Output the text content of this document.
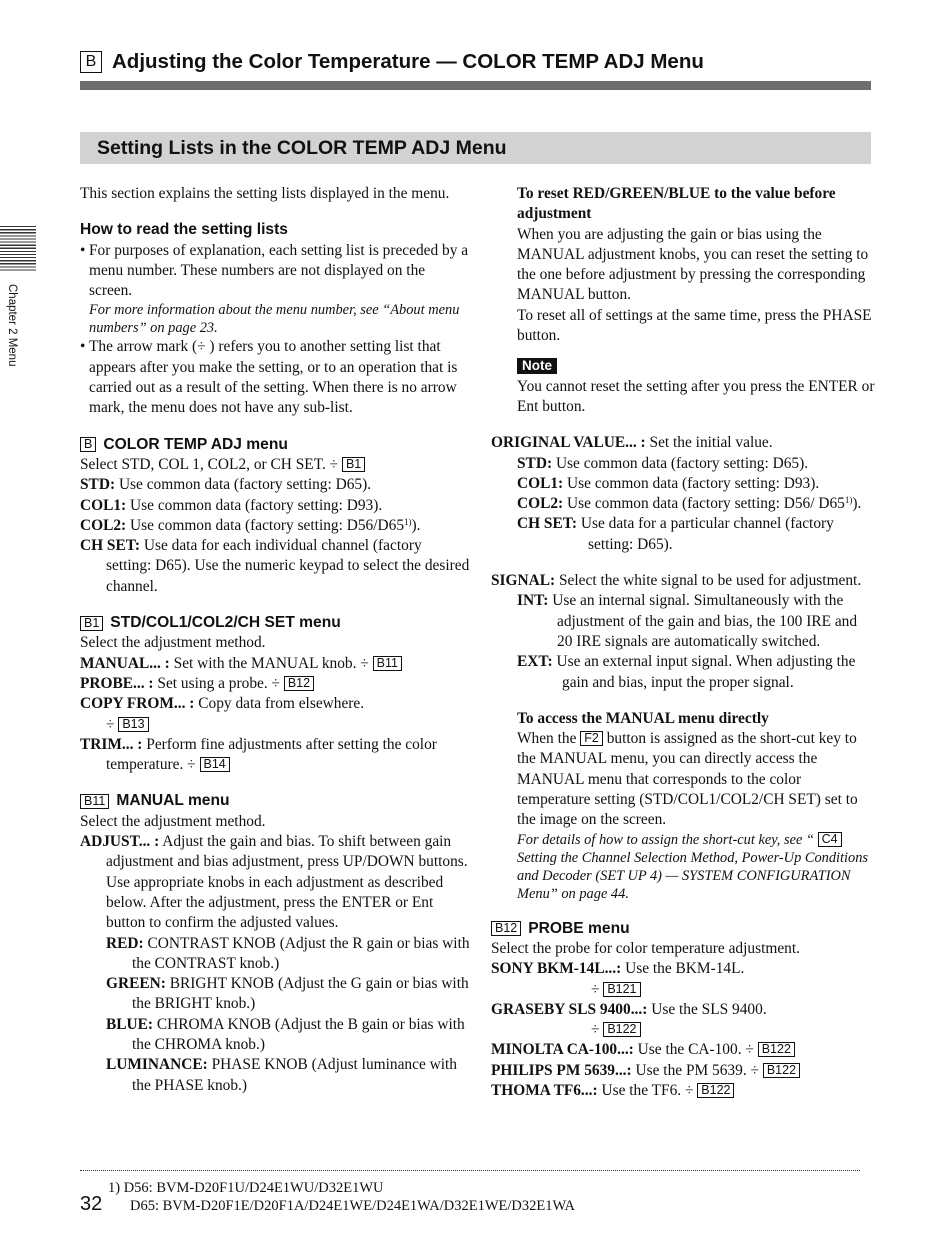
B Adjusting the Color Temperature — COLOR TEMP ADJ Menu
Setting Lists in the COLOR TEMP ADJ Menu
Chapter 2 Menu

This section explains the setting lists displayed in the menu.

How to read the setting lists
• For purposes of explanation, each setting list is preceded by a menu number. These numbers are not displayed on the screen.
For more information about the menu number, see “About menu numbers” on page 23.
• The arrow mark (÷ ) refers you to another setting list that appears after you make the setting, or to an operation that is carried out as a result of the setting. When there is no arrow mark, the menu does not have any sub-list.
B COLOR TEMP ADJ menu
Select STD, COL 1, COL2, or CH SET. ÷ B1
STD: Use common data (factory setting: D65).
COL1: Use common data (factory setting: D93).
COL2: Use common data (factory setting: D56/D65$^{1)}$).
CH SET: Use data for each individual channel (factory setting: D65). Use the numeric keypad to select the desired channel.
B1 STD/COL1/COL2/CH SET menu
Select the adjustment method.
MANUAL... : Set with the MANUAL knob. ÷ B11
PROBE... : Set using a probe. ÷ B12
COPY FROM... : Copy data from elsewhere.
÷ B13
TRIM... : Perform fine adjustments after setting the color temperature. ÷ B14
B11 MANUAL menu
Select the adjustment method.
ADJUST... : Adjust the gain and bias. To shift between gain adjustment and bias adjustment, press UP/DOWN buttons. Use appropriate knobs in each adjustment as described below. After the adjustment, press the ENTER or Ent button to confirm the adjusted values.
RED: CONTRAST KNOB (Adjust the R gain or bias with the CONTRAST knob.)
GREEN: BRIGHT KNOB (Adjust the G gain or bias with the BRIGHT knob.)
BLUE: CHROMA KNOB (Adjust the B gain or bias with the CHROMA knob.)
LUMINANCE: PHASE KNOB (Adjust luminance with the PHASE knob.)
To reset RED/GREEN/BLUE to the value before adjustment
When you are adjusting the gain or bias using the MANUAL adjustment knobs, you can reset the setting to the one before adjustment by pressing the corresponding MANUAL button.
To reset all of settings at the same time, press the PHASE button.
Note
You cannot reset the setting after you press the ENTER or Ent button.
ORIGINAL VALUE... : Set the initial value.
STD: Use common data (factory setting: D65).
COL1: Use common data (factory setting: D93).
COL2: Use common data (factory setting: D56/ D65$^{1)}$).
CH SET: Use data for a particular channel (factory setting: D65).
SIGNAL: Select the white signal to be used for adjustment.
INT: Use an internal signal. Simultaneously with the adjustment of the gain and bias, the 100 IRE and 20 IRE signals are automatically switched.
EXT: Use an external input signal. When adjusting the gain and bias, input the proper signal.
To access the MANUAL menu directly
When the F2 button is assigned as the short-cut key to the MANUAL menu, you can directly access the MANUAL menu that corresponds to the color temperature setting (STD/COL1/COL2/CH SET) set to the image on the screen.
For details of how to assign the short-cut key, see “ C4 Setting the Channel Selection Method, Power-Up Conditions and Decoder (SET UP 4) — SYSTEM CONFIGURATION Menu” on page 44.
B12 PROBE menu
Select the probe for color temperature adjustment.
SONY BKM-14L...: Use the BKM-14L.
÷ B121
GRASEBY SLS 9400...: Use the SLS 9400.
÷ B122
MINOLTA CA-100...: Use the CA-100. ÷ B122
PHILIPS PM 5639...: Use the PM 5639. ÷ B122
THOMA TF6...: Use the TF6. ÷ B122
32
1) D56: BVM-D20F1U/D24E1WU/D32E1WU
D65: BVM-D20F1E/D20F1A/D24E1WE/D24E1WA/D32E1WE/D32E1WA
